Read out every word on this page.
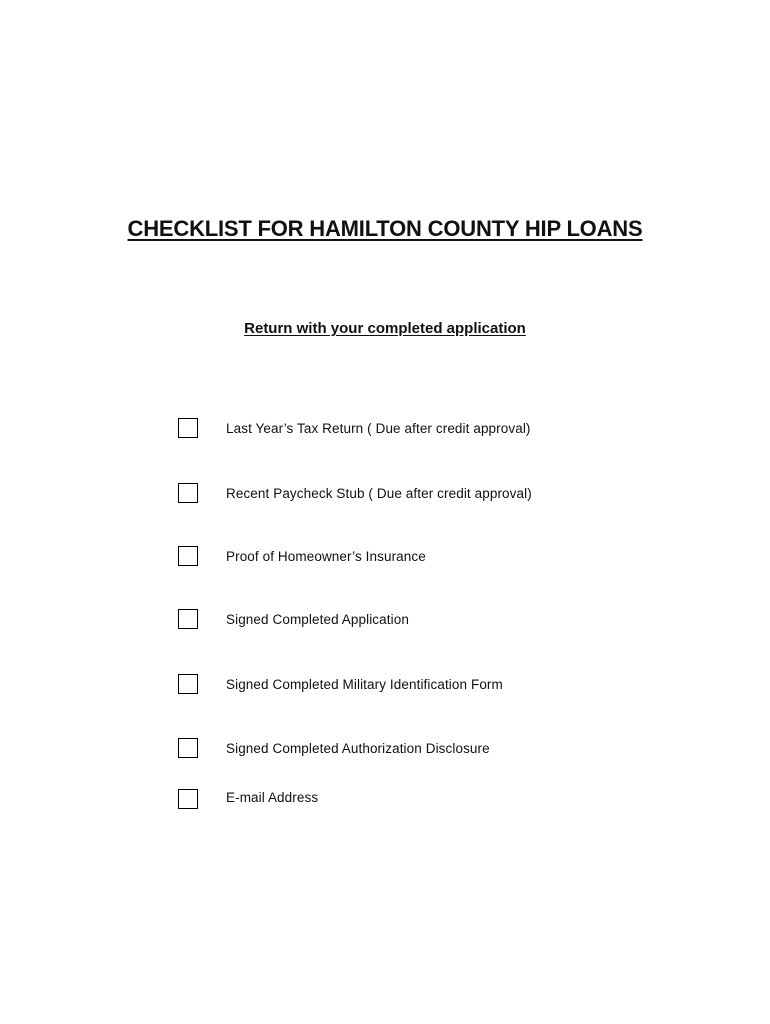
CHECKLIST FOR HAMILTON COUNTY HIP LOANS
Return with your completed application
Last Year’s Tax Return ( Due after credit approval)
Recent Paycheck Stub ( Due after credit approval)
Proof of Homeowner’s Insurance
Signed Completed Application
Signed Completed Military Identification Form
Signed Completed Authorization Disclosure
E-mail Address
